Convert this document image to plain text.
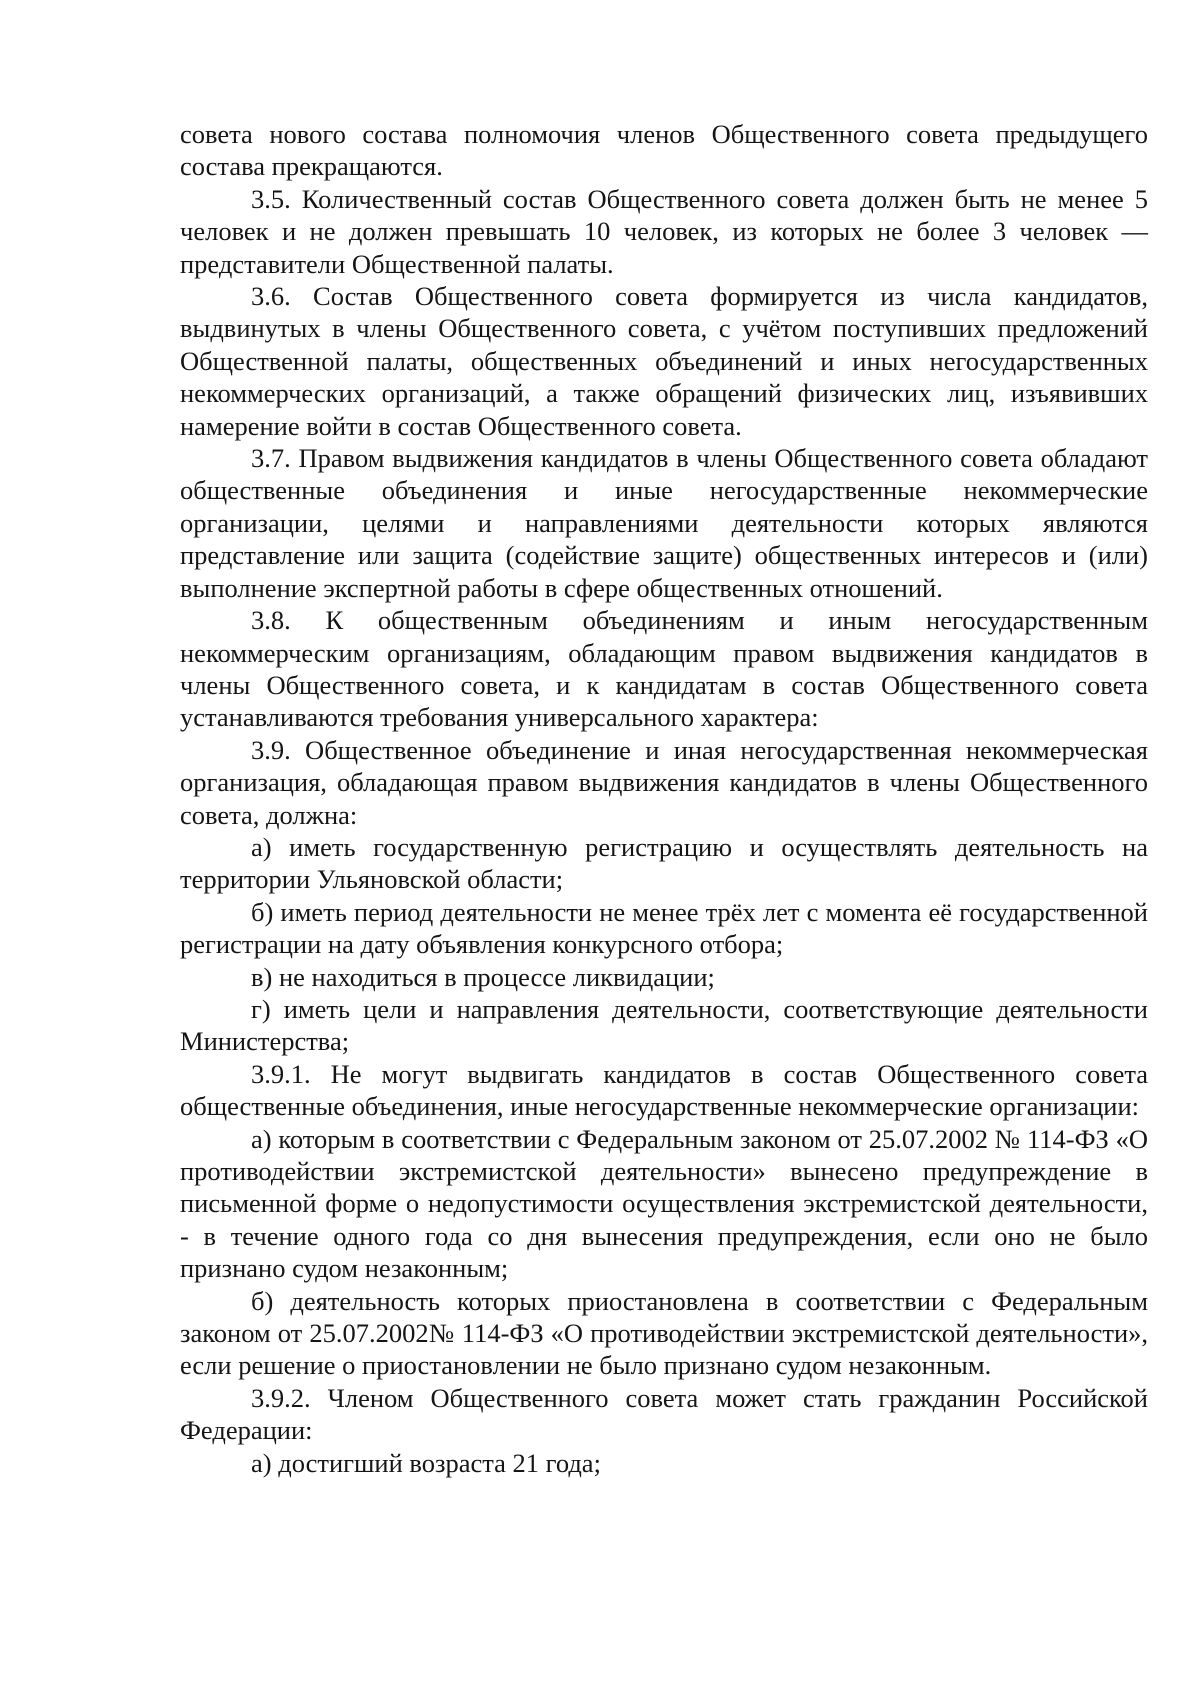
совета нового состава полномочия членов Общественного совета предыдущего состава прекращаются.

3.5. Количественный состав Общественного совета должен быть не менее 5 человек и не должен превышать 10 человек, из которых не более 3 человек — представители Общественной палаты.

3.6. Состав Общественного совета формируется из числа кандидатов, выдвинутых в члены Общественного совета, с учётом поступивших предложений Общественной палаты, общественных объединений и иных негосударственных некоммерческих организаций, а также обращений физических лиц, изъявивших намерение войти в состав Общественного совета.

3.7. Правом выдвижения кандидатов в члены Общественного совета обладают общественные объединения и иные негосударственные некоммерческие организации, целями и направлениями деятельности которых являются представление или защита (содействие защите) общественных интересов и (или) выполнение экспертной работы в сфере общественных отношений.

3.8. К общественным объединениям и иным негосударственным некоммерческим организациям, обладающим правом выдвижения кандидатов в члены Общественного совета, и к кандидатам в состав Общественного совета устанавливаются требования универсального характера:

3.9. Общественное объединение и иная негосударственная некоммерческая организация, обладающая правом выдвижения кандидатов в члены Общественного совета, должна:

а) иметь государственную регистрацию и осуществлять деятельность на территории Ульяновской области;

б) иметь период деятельности не менее трёх лет с момента её государственной регистрации на дату объявления конкурсного отбора;

в) не находиться в процессе ликвидации;

г) иметь цели и направления деятельности, соответствующие деятельности Министерства;

3.9.1. Не могут выдвигать кандидатов в состав Общественного совета общественные объединения, иные негосударственные некоммерческие организации:

а) которым в соответствии с Федеральным законом от 25.07.2002 № 114-ФЗ «О противодействии экстремистской деятельности» вынесено предупреждение в письменной форме о недопустимости осуществления экстремистской деятельности, - в течение одного года со дня вынесения предупреждения, если оно не было признано судом незаконным;

б) деятельность которых приостановлена в соответствии с Федеральным законом от 25.07.2002№ 114-ФЗ «О противодействии экстремистской деятельности», если решение о приостановлении не было признано судом незаконным.

3.9.2. Членом Общественного совета может стать гражданин Российской Федерации:

а) достигший возраста 21 года;
